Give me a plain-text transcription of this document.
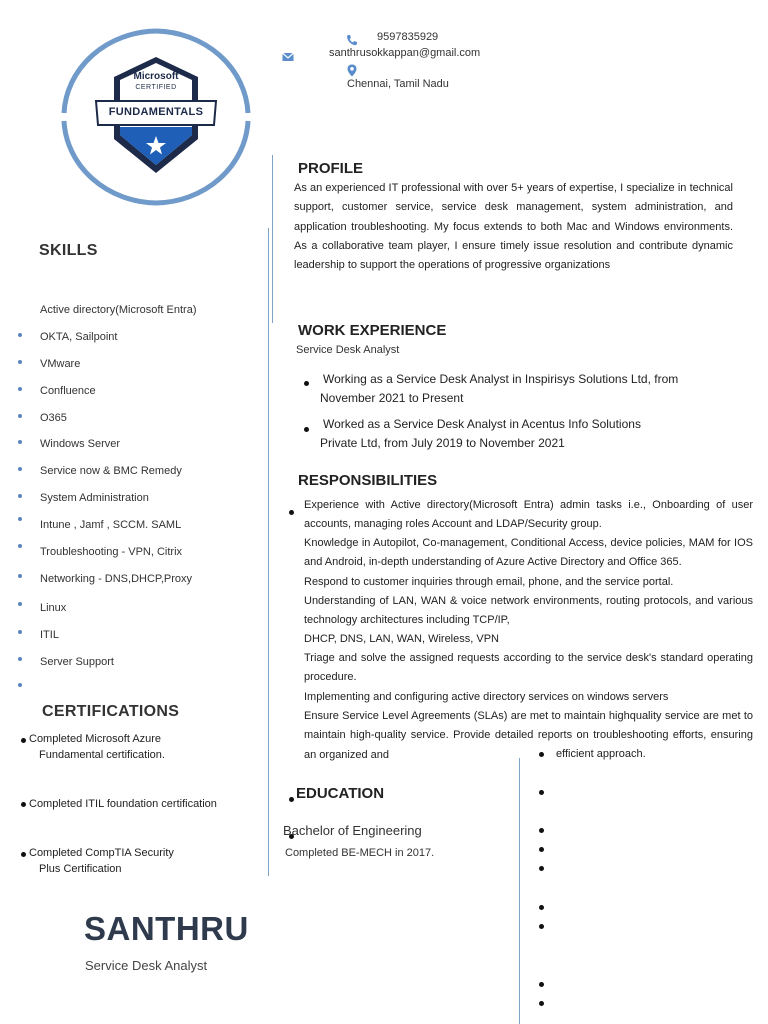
9597835929
santhrusokkappan@gmail.com
Chennai, Tamil Nadu
Microsoft
CERTIFIED
FUNDAMENTALS
SKILLS
Active directory(Microsoft Entra)
OKTA, Sailpoint
VMware
Confluence
O365
Windows Server
Service now & BMC Remedy
System Administration
Intune , Jamf , SCCM. SAML
Troubleshooting - VPN, Citrix
Networking - DNS,DHCP,Proxy
Linux
ITIL
Server Support
CERTIFICATIONS
Completed Microsoft Azure
Fundamental certification.
Completed ITIL foundation certification
Completed CompTIA Security
Plus Certification
PROFILE
As an experienced IT professional with over 5+ years of expertise, I specialize in technical support, customer service, service desk management, system administration, and application troubleshooting. My focus extends to both Mac and Windows environments. As a collaborative team player, I ensure timely issue resolution and contribute dynamic leadership to support the operations of progressive organizations
WORK EXPERIENCE
Service Desk Analyst
Working as a Service Desk Analyst in Inspirisys Solutions Ltd, from
November 2021 to Present
Worked as a Service Desk Analyst in Acentus Info Solutions
Private Ltd, from July 2019 to November 2021
RESPONSIBILITIES
Experience with Active directory(Microsoft Entra) admin tasks i.e., Onboarding of user accounts, managing roles Account and LDAP/Security group.
Knowledge in Autopilot, Co-management, Conditional Access, device policies, MAM for IOS and Android, in-depth understanding of Azure Active Directory and Office 365.
Respond to customer inquiries through email, phone, and the service portal.
Understanding of LAN, WAN & voice network environments, routing protocols, and various technology architectures including TCP/IP,
DHCP, DNS, LAN, WAN, Wireless, VPN
Triage and solve the assigned requests according to the service desk's standard operating procedure.
Implementing and configuring active directory services on windows servers
Ensure Service Level Agreements (SLAs) are met to maintain highquality service are met to maintain high-quality service. Provide detailed reports on troubleshooting efforts, ensuring an organized and	efficient approach.
EDUCATION
Bachelor of Engineering
Completed BE-MECH in 2017.
SANTHRU
Service Desk Analyst
